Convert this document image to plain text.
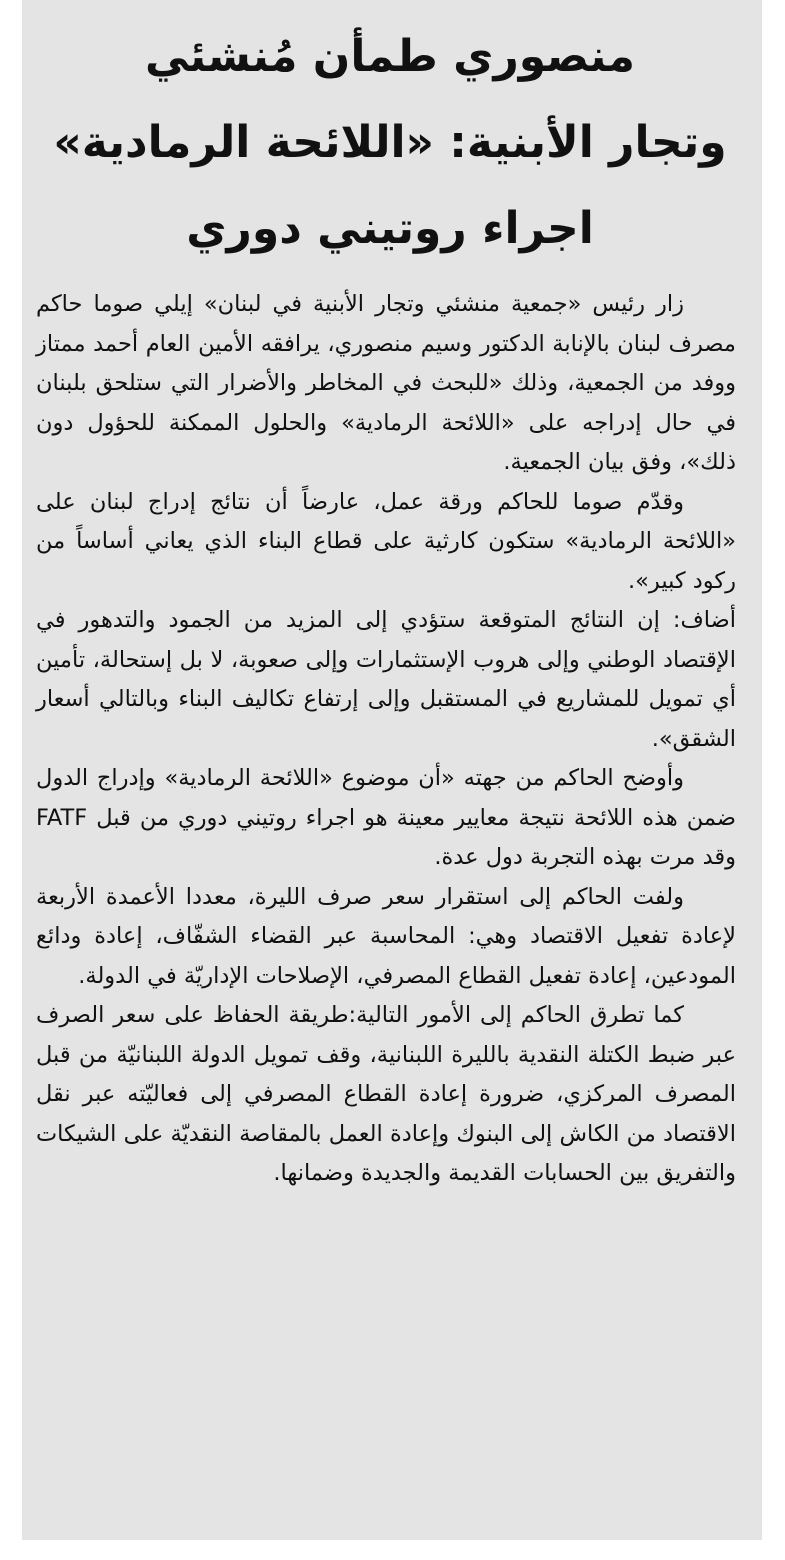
منصوري طمأن مُنشئي
وتجار الأبنية: «اللائحة الرمادية»
اجراء روتيني دوري

زار رئيس «جمعية منشئي وتجار الأبنية في لبنان» إيلي صوما حاكم مصرف لبنان بالإنابة الدكتور وسيم منصوري، يرافقه الأمين العام أحمد ممتاز ووفد من الجمعية، وذلك «للبحث في المخاطر والأضرار التي ستلحق بلبنان في حال إدراجه على «اللائحة الرمادية» والحلول الممكنة للحؤول دون ذلك»، وفق بيان الجمعية.

وقدّم صوما للحاكم ورقة عمل، عارضاً أن نتائج إدراج لبنان على «اللائحة الرمادية» ستكون كارثية على قطاع البناء الذي يعاني أساساً من ركود كبير».

أضاف: إن النتائج المتوقعة ستؤدي إلى المزيد من الجمود والتدهور في الإقتصاد الوطني وإلى هروب الإستثمارات وإلى صعوبة، لا بل إستحالة، تأمين أي تمويل للمشاريع في المستقبل وإلى إرتفاع تكاليف البناء وبالتالي أسعار الشقق».

وأوضح الحاكم من جهته «أن موضوع «اللائحة الرمادية» وإدراج الدول ضمن هذه اللائحة نتيجة معايير معينة هو اجراء روتيني دوري من قبل FATF وقد مرت بهذه التجربة دول عدة.

ولفت الحاكم إلى استقرار سعر صرف الليرة، معددا الأعمدة الأربعة لإعادة تفعيل الاقتصاد وهي: المحاسبة عبر القضاء الشفّاف، إعادة ودائع المودعين، إعادة تفعيل القطاع المصرفي، الإصلاحات الإداريّة في الدولة.

كما تطرق الحاكم إلى الأمور التالية:طريقة الحفاظ على سعر الصرف عبر ضبط الكتلة النقدية بالليرة اللبنانية، وقف تمويل الدولة اللبنانيّة من قبل المصرف المركزي، ضرورة إعادة القطاع المصرفي إلى فعاليّته عبر نقل الاقتصاد من الكاش إلى البنوك وإعادة العمل بالمقاصة النقديّة على الشيكات والتفريق بين الحسابات القديمة والجديدة وضمانها.
